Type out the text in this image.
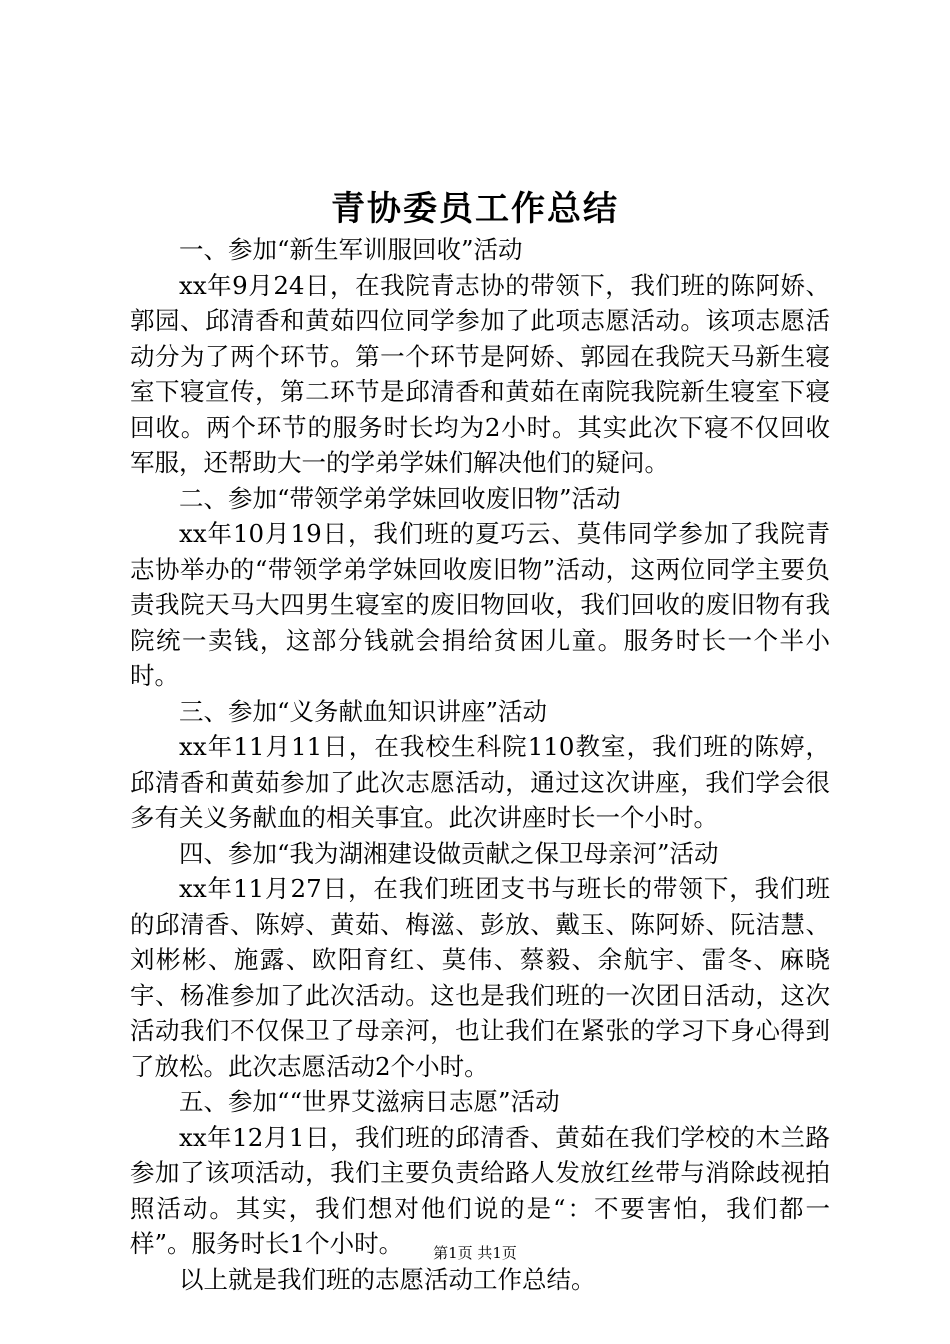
青协委员工作总结

一、参加“新生军训服回收”活动

xx年9月24日，在我院青志协的带领下，我们班的陈阿娇、郭园、邱清香和黄茹四位同学参加了此项志愿活动。该项志愿活动分为了两个环节。第一个环节是阿娇、郭园在我院天马新生寝室下寝宣传，第二环节是邱清香和黄茹在南院我院新生寝室下寝回收。两个环节的服务时长均为2小时。其实此次下寝不仅回收军服，还帮助大一的学弟学妹们解决他们的疑问。

二、参加“带领学弟学妹回收废旧物”活动

xx年10月19日，我们班的夏巧云、莫伟同学参加了我院青志协举办的“带领学弟学妹回收废旧物”活动，这两位同学主要负责我院天马大四男生寝室的废旧物回收，我们回收的废旧物有我院统一卖钱，这部分钱就会捐给贫困儿童。服务时长一个半小时。

三、参加“义务献血知识讲座”活动

xx年11月11日，在我校生科院110教室，我们班的陈婷，邱清香和黄茹参加了此次志愿活动，通过这次讲座，我们学会很多有关义务献血的相关事宜。此次讲座时长一个小时。

四、参加“我为湖湘建设做贡献之保卫母亲河”活动

xx年11月27日，在我们班团支书与班长的带领下，我们班的邱清香、陈婷、黄茹、梅滋、彭放、戴玉、陈阿娇、阮洁慧、刘彬彬、施露、欧阳育红、莫伟、蔡毅、余航宇、雷冬、麻晓宇、杨准参加了此次活动。这也是我们班的一次团日活动，这次活动我们不仅保卫了母亲河，也让我们在紧张的学习下身心得到了放松。此次志愿活动2个小时。

五、参加““世界艾滋病日志愿”活动

xx年12月1日，我们班的邱清香、黄茹在我们学校的木兰路参加了该项活动，我们主要负责给路人发放红丝带与消除歧视拍照活动。其实，我们想对他们说的是“：不要害怕，我们都一样”。服务时长1个小时。

以上就是我们班的志愿活动工作总结。

第1页 共1页
